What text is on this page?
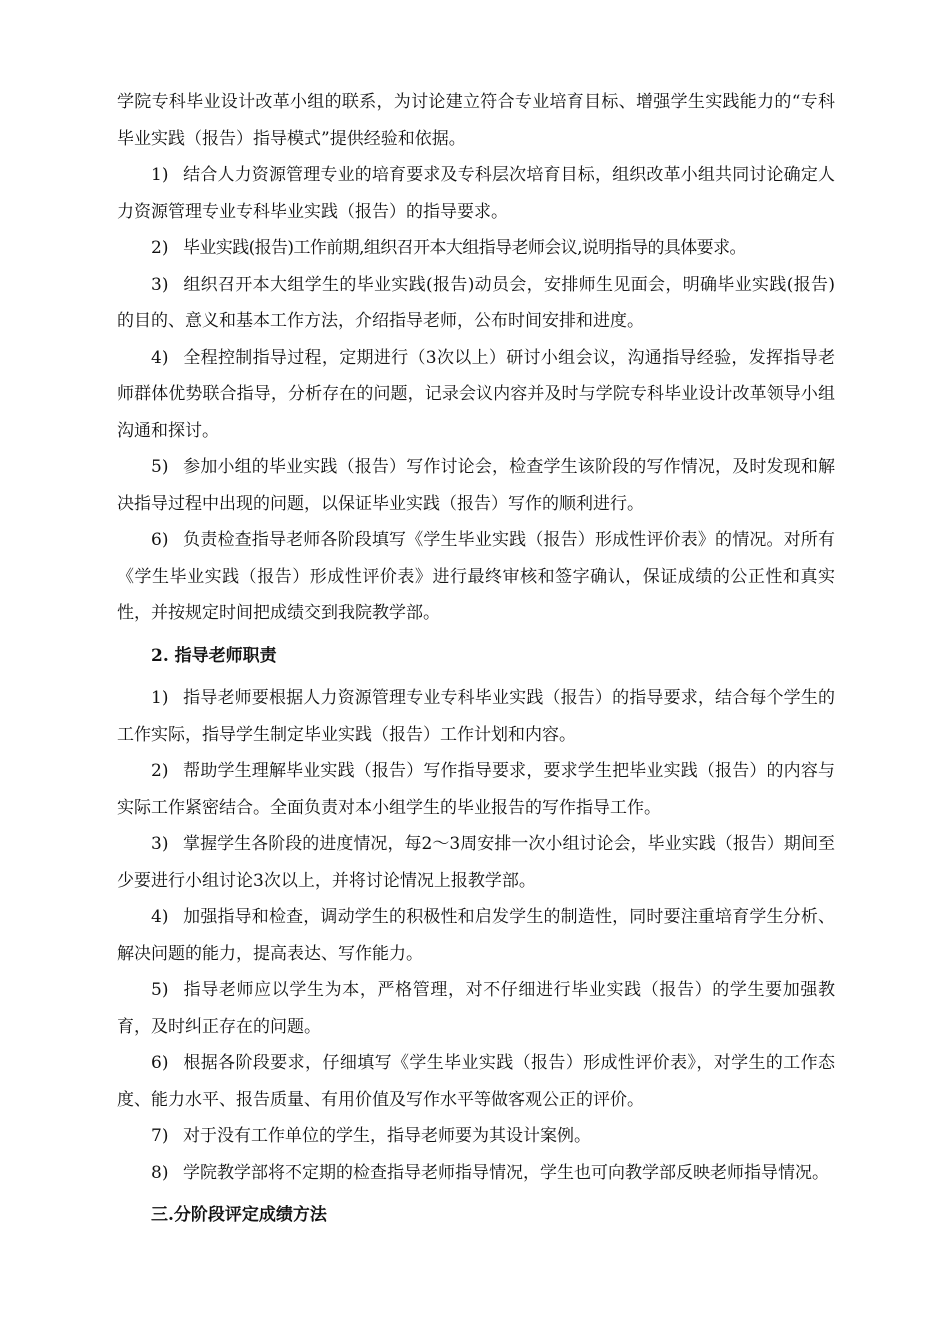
学院专科毕业设计改革小组的联系，为讨论建立符合专业培育目标、增强学生实践能力的“专科毕业实践（报告）指导模式”提供经验和依据。

1) 结合人力资源管理专业的培育要求及专科层次培育目标，组织改革小组共同讨论确定人力资源管理专业专科毕业实践（报告）的指导要求。

2) 毕业实践(报告)工作前期,组织召开本大组指导老师会议,说明指导的具体要求。

3) 组织召开本大组学生的毕业实践(报告)动员会，安排师生见面会，明确毕业实践(报告)的目的、意义和基本工作方法，介绍指导老师，公布时间安排和进度。

4) 全程控制指导过程，定期进行（3次以上）研讨小组会议，沟通指导经验，发挥指导老师群体优势联合指导，分析存在的问题，记录会议内容并及时与学院专科毕业设计改革领导小组沟通和探讨。

5) 参加小组的毕业实践（报告）写作讨论会，检查学生该阶段的写作情况，及时发现和解决指导过程中出现的问题，以保证毕业实践（报告）写作的顺利进行。

6) 负责检查指导老师各阶段填写《学生毕业实践（报告）形成性评价表》的情况。对所有《学生毕业实践（报告）形成性评价表》进行最终审核和签字确认，保证成绩的公正性和真实性，并按规定时间把成绩交到我院教学部。

2. 指导老师职责

1) 指导老师要根据人力资源管理专业专科毕业实践（报告）的指导要求，结合每个学生的工作实际，指导学生制定毕业实践（报告）工作计划和内容。

2) 帮助学生理解毕业实践（报告）写作指导要求，要求学生把毕业实践（报告）的内容与实际工作紧密结合。全面负责对本小组学生的毕业报告的写作指导工作。

3) 掌握学生各阶段的进度情况，每2～3周安排一次小组讨论会，毕业实践（报告）期间至少要进行小组讨论3次以上，并将讨论情况上报教学部。

4) 加强指导和检查，调动学生的积极性和启发学生的制造性，同时要注重培育学生分析、解决问题的能力，提高表达、写作能力。

5) 指导老师应以学生为本，严格管理，对不仔细进行毕业实践（报告）的学生要加强教育，及时纠正存在的问题。

6) 根据各阶段要求，仔细填写《学生毕业实践（报告）形成性评价表》，对学生的工作态度、能力水平、报告质量、有用价值及写作水平等做客观公正的评价。

7) 对于没有工作单位的学生，指导老师要为其设计案例。

8) 学院教学部将不定期的检查指导老师指导情况，学生也可向教学部反映老师指导情况。

三.分阶段评定成绩方法
